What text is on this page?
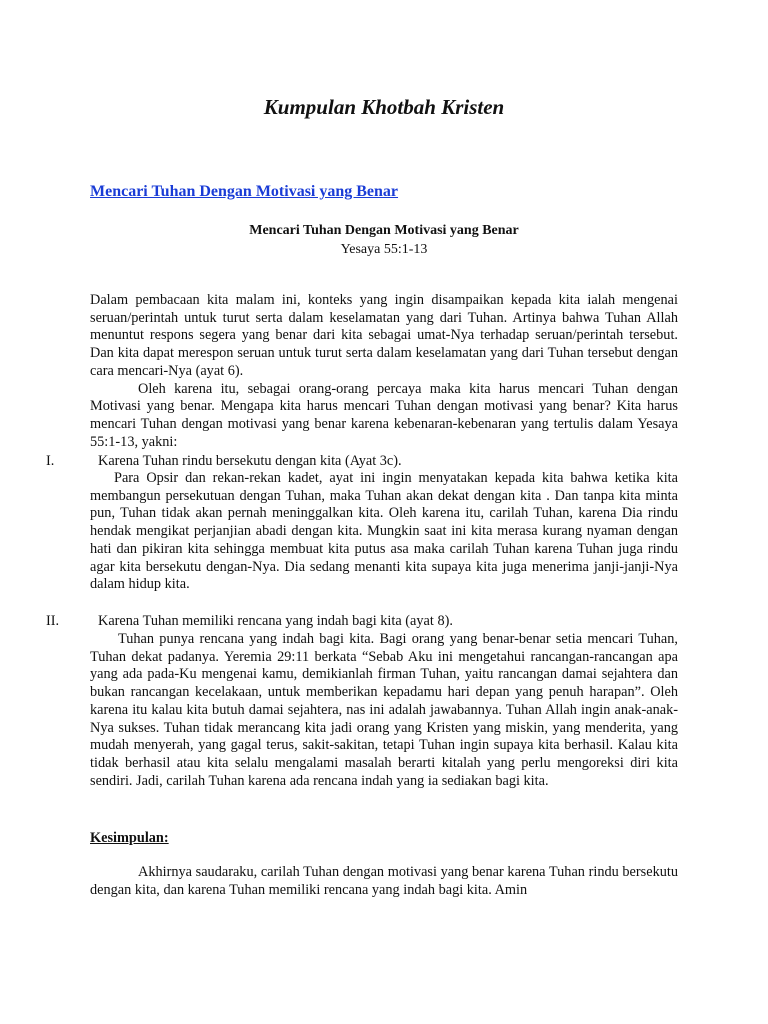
Kumpulan Khotbah Kristen
Mencari Tuhan Dengan Motivasi yang Benar
Mencari Tuhan Dengan Motivasi yang Benar
Yesaya 55:1-13

Dalam pembacaan kita malam ini, konteks yang ingin disampaikan kepada kita ialah mengenai seruan/perintah untuk turut serta dalam keselamatan yang dari Tuhan. Artinya bahwa Tuhan Allah menuntut respons segera yang benar dari kita sebagai umat-Nya terhadap seruan/perintah tersebut. Dan kita dapat merespon seruan untuk turut serta dalam keselamatan yang dari Tuhan tersebut dengan cara mencari-Nya (ayat 6).

Oleh karena itu, sebagai orang-orang percaya maka kita harus mencari Tuhan dengan Motivasi yang benar. Mengapa kita harus mencari Tuhan dengan motivasi yang benar? Kita harus mencari Tuhan dengan motivasi yang benar karena kebenaran-kebenaran yang tertulis dalam Yesaya 55:1-13, yakni:

I.	Karena Tuhan rindu bersekutu dengan kita (Ayat 3c).

Para Opsir dan rekan-rekan kadet, ayat ini ingin menyatakan kepada kita bahwa ketika kita membangun persekutuan dengan Tuhan, maka Tuhan akan dekat dengan kita . Dan tanpa kita minta pun, Tuhan tidak akan pernah meninggalkan kita. Oleh karena itu, carilah Tuhan, karena Dia rindu hendak mengikat perjanjian abadi dengan kita. Mungkin saat ini kita merasa kurang nyaman dengan hati dan pikiran kita sehingga membuat kita putus asa maka carilah Tuhan karena Tuhan juga rindu agar kita bersekutu dengan-Nya. Dia sedang menanti kita supaya kita juga menerima janji-janji-Nya dalam hidup kita.

II.	Karena Tuhan memiliki rencana yang indah bagi kita (ayat 8).

Tuhan punya rencana yang indah bagi kita. Bagi orang yang benar-benar setia mencari Tuhan, Tuhan dekat padanya. Yeremia 29:11 berkata “Sebab Aku ini mengetahui rancangan-rancangan apa yang ada pada-Ku mengenai kamu, demikianlah firman Tuhan, yaitu rancangan damai sejahtera dan bukan rancangan kecelakaan, untuk memberikan kepadamu hari depan yang penuh harapan”. Oleh karena itu kalau kita butuh damai sejahtera, nas ini adalah jawabannya. Tuhan Allah ingin anak-anak-Nya sukses. Tuhan tidak merancang kita jadi orang yang Kristen yang miskin, yang menderita, yang mudah menyerah, yang gagal terus, sakit-sakitan, tetapi Tuhan ingin supaya kita berhasil. Kalau kita tidak berhasil atau kita selalu mengalami masalah berarti kitalah yang perlu mengoreksi diri kita sendiri. Jadi, carilah Tuhan karena ada rencana indah yang ia sediakan bagi kita.

Kesimpulan:

Akhirnya saudaraku, carilah Tuhan dengan motivasi yang benar karena Tuhan rindu bersekutu dengan kita, dan karena Tuhan memiliki rencana yang indah bagi kita. Amin
